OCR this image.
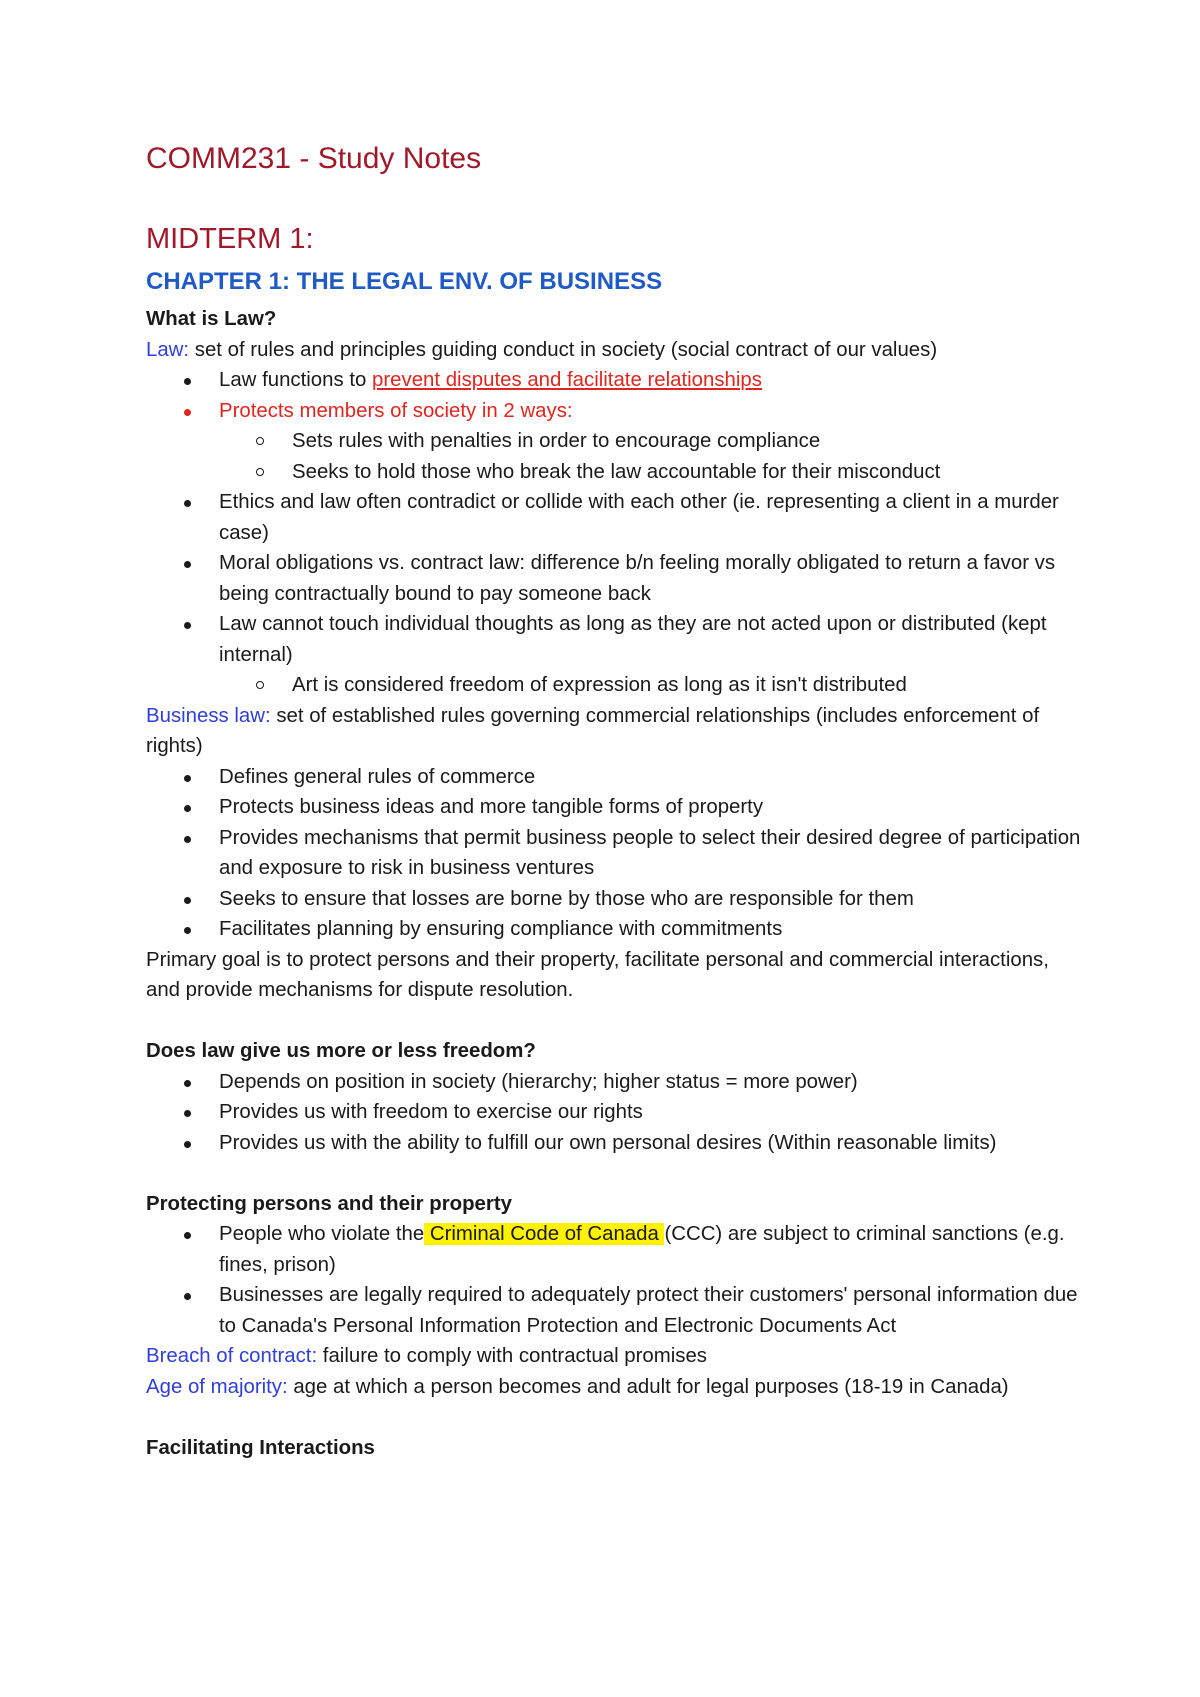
COMM231 - Study Notes
MIDTERM 1:
CHAPTER 1: THE LEGAL ENV. OF BUSINESS
What is Law?
Law: set of rules and principles guiding conduct in society (social contract of our values)
Law functions to prevent disputes and facilitate relationships
Protects members of society in 2 ways:
Sets rules with penalties in order to encourage compliance
Seeks to hold those who break the law accountable for their misconduct
Ethics and law often contradict or collide with each other (ie. representing a client in a murder case)
Moral obligations vs. contract law: difference b/n feeling morally obligated to return a favor vs being contractually bound to pay someone back
Law cannot touch individual thoughts as long as they are not acted upon or distributed (kept internal)
Art is considered freedom of expression as long as it isn't distributed
Business law: set of established rules governing commercial relationships (includes enforcement of rights)
Defines general rules of commerce
Protects business ideas and more tangible forms of property
Provides mechanisms that permit business people to select their desired degree of participation and exposure to risk in business ventures
Seeks to ensure that losses are borne by those who are responsible for them
Facilitates planning by ensuring compliance with commitments
Primary goal is to protect persons and their property, facilitate personal and commercial interactions, and provide mechanisms for dispute resolution.
Does law give us more or less freedom?
Depends on position in society (hierarchy; higher status = more power)
Provides us with freedom to exercise our rights
Provides us with the ability to fulfill our own personal desires (Within reasonable limits)
Protecting persons and their property
People who violate the Criminal Code of Canada (CCC) are subject to criminal sanctions (e.g. fines, prison)
Businesses are legally required to adequately protect their customers' personal information due to Canada's Personal Information Protection and Electronic Documents Act
Breach of contract: failure to comply with contractual promises
Age of majority: age at which a person becomes and adult for legal purposes (18-19 in Canada)
Facilitating Interactions
